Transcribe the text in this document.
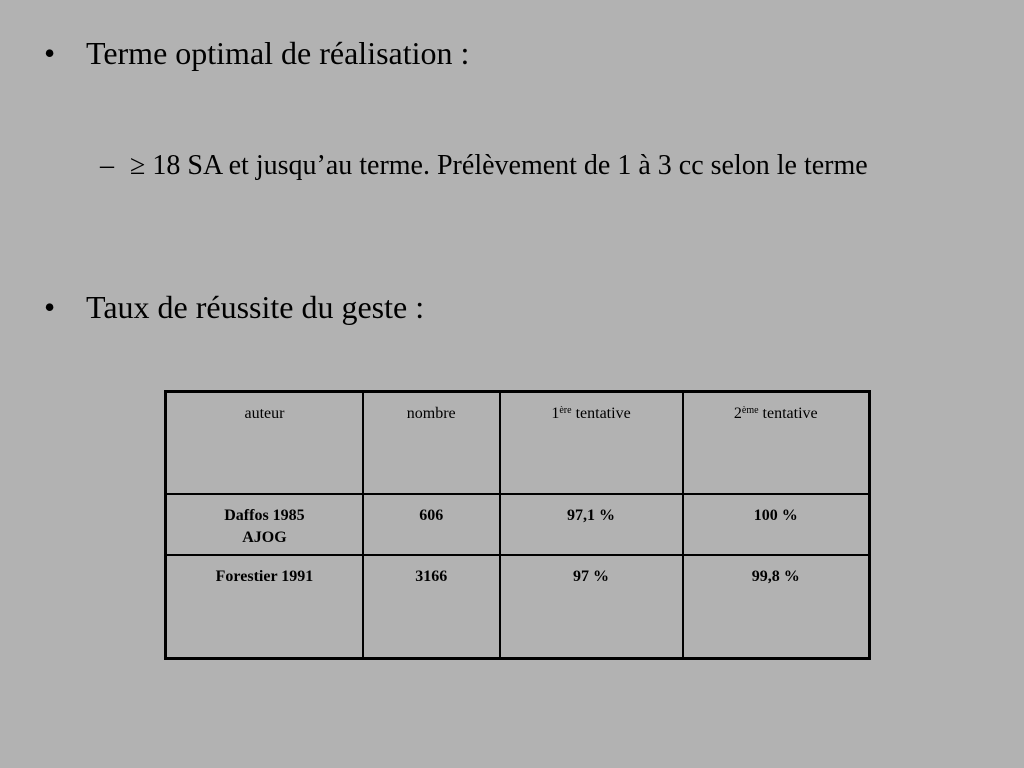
• Terme optimal de réalisation :
– ≥ 18 SA et jusqu’au terme. Prélèvement de 1 à 3 cc selon le terme
• Taux de réussite du geste :
auteur	nombre	1ère tentative	2ème tentative
Daffos 1985
AJOG	606	97,1 %	100 %
Forestier 1991	3166	97 %	99,8 %
